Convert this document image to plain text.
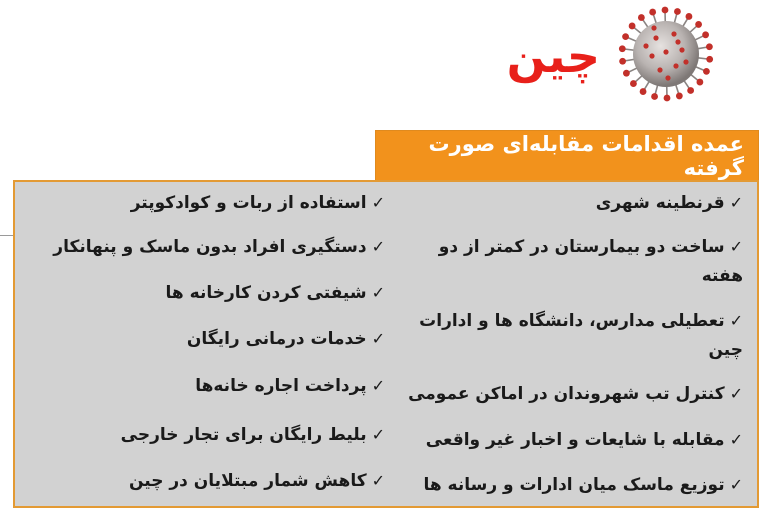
چین
عمده اقدامات مقابله‌ای صورت گرفته
✓قرنطینه شهری
✓ساخت دو بیمارستان در کمتر از دو هفته
✓تعطیلی مدارس، دانشگاه ها و ادارات چین
✓کنترل تب شهروندان در اماکن عمومی
✓مقابله با شایعات و اخبار غیر واقعی
✓توزیع ماسک میان ادارات و رسانه ها
✓استفاده از ربات و کوادکوپتر
✓دستگیری افراد بدون ماسک و پنهانکار
✓شیفتی کردن کارخانه ها
✓خدمات درمانی رایگان
✓پرداخت اجاره خانه‌ها
✓بلیط رایگان برای تجار خارجی
✓کاهش شمار مبتلایان در چین
